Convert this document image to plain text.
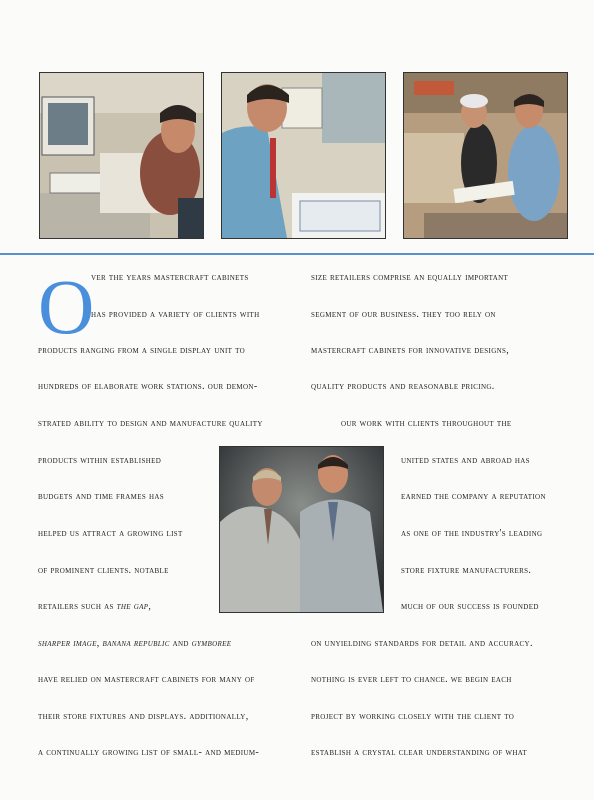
O
ver the years mastercraft cabinets
has provided a variety of clients with
products ranging from a single display unit to
hundreds of elaborate work stations. our demon-
strated ability to design and manufacture quality
products within established
budgets and time frames has
helped us attract a growing list
of prominent clients. notable
retailers such as the gap,
sharper image, banana republic and gymboree
have relied on mastercraft cabinets for many of
their store fixtures and displays. additionally,
a continually growing list of small- and medium-
size retailers comprise an equally important
segment of our business. they too rely on
mastercraft cabinets for innovative designs,
quality products and reasonable pricing.
our work with clients throughout the
united states and abroad has
earned the company a reputation
as one of the industry's leading
store fixture manufacturers.
much of our success is founded
on unyielding standards for detail and accuracy.
nothing is ever left to chance. we begin each
project by working closely with the client to
establish a crystal clear understanding of what
